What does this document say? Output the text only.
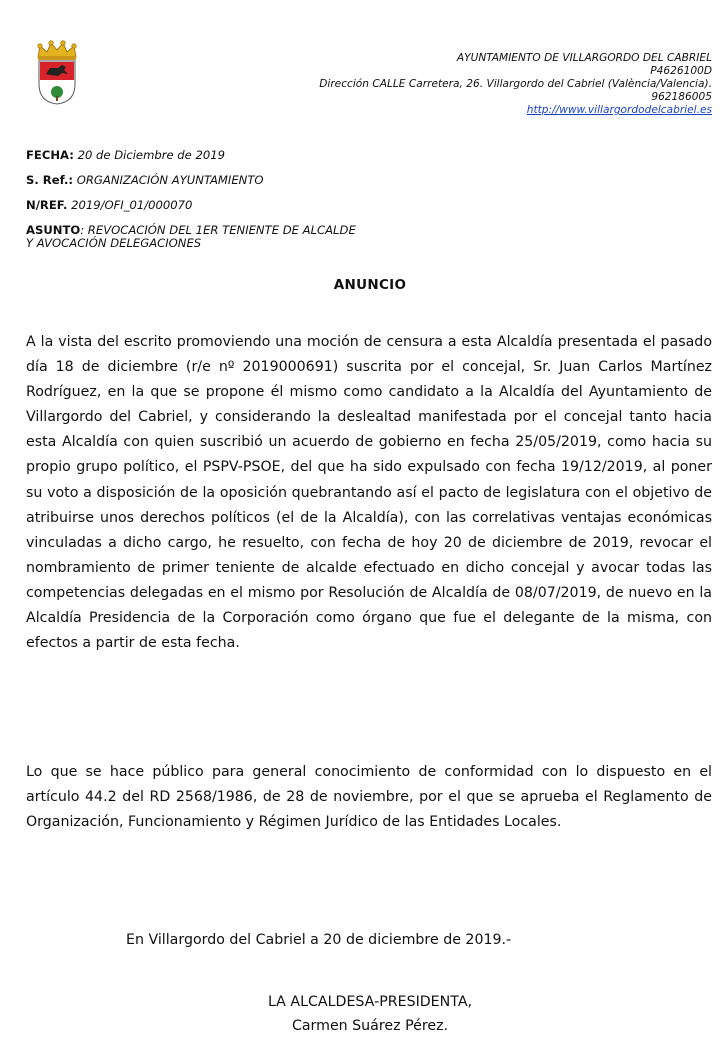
AYUNTAMIENTO DE VILLARGORDO DEL CABRIEL
P4626100D
Dirección CALLE Carretera, 26. Villargordo del Cabriel (València/Valencia).
962186005
http://www.villargordodelcabriel.es
FECHA: 20 de Diciembre de 2019
S. Ref.: ORGANIZACIÓN AYUNTAMIENTO
N/REF. 2019/OFI_01/000070
ASUNTO: REVOCACIÓN DEL 1ER TENIENTE DE ALCALDE Y AVOCACIÓN DELEGACIONES
ANUNCIO
A la vista del escrito promoviendo una moción de censura a esta Alcaldía presentada el pasado día 18 de diciembre (r/e nº 2019000691) suscrita por el concejal, Sr. Juan Carlos Martínez Rodríguez, en la que se propone él mismo como candidato a la Alcaldía del Ayuntamiento de Villargordo del Cabriel, y considerando la deslealtad manifestada por el concejal tanto hacia esta Alcaldía con quien suscribió un acuerdo de gobierno en fecha 25/05/2019, como hacia su propio grupo político, el PSPV-PSOE, del que ha sido expulsado con fecha 19/12/2019, al poner su voto a disposición de la oposición quebrantando así el pacto de legislatura con el objetivo de atribuirse unos derechos políticos (el de la Alcaldía), con las correlativas ventajas económicas vinculadas a dicho cargo, he resuelto, con fecha de hoy 20 de diciembre de 2019, revocar el nombramiento de primer teniente de alcalde efectuado en dicho concejal y avocar todas las competencias delegadas en el mismo por Resolución de Alcaldía de 08/07/2019, de nuevo en la Alcaldía Presidencia de la Corporación como órgano que fue el delegante de la misma, con efectos a partir de esta fecha.
Lo que se hace público para general conocimiento de conformidad con lo dispuesto en el artículo 44.2 del RD 2568/1986, de 28 de noviembre, por el que se aprueba el Reglamento de Organización, Funcionamiento y Régimen Jurídico de las Entidades Locales.
En Villargordo del Cabriel a 20 de diciembre de 2019.-
LA ALCALDESA-PRESIDENTA,
Carmen Suárez Pérez.
